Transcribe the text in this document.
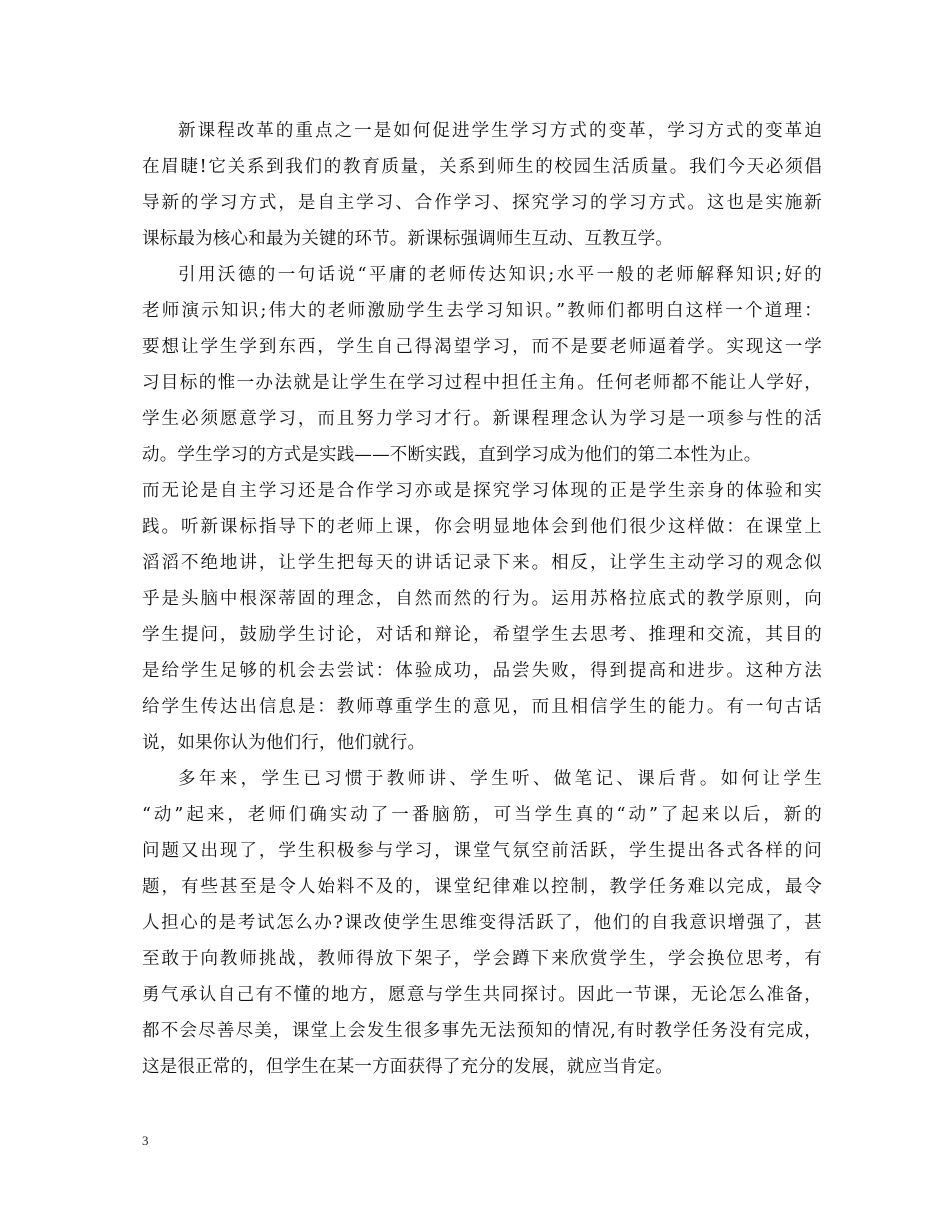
新课程改革的重点之一是如何促进学生学习方式的变革，学习方式的变革迫
在眉睫!它关系到我们的教育质量，关系到师生的校园生活质量。我们今天必须倡
导新的学习方式，是自主学习、合作学习、探究学习的学习方式。这也是实施新
课标最为核心和最为关键的环节。新课标强调师生互动、互教互学。
引用沃德的一句话说“平庸的老师传达知识;水平一般的老师解释知识;好的
老师演示知识;伟大的老师激励学生去学习知识。”教师们都明白这样一个道理：
要想让学生学到东西，学生自己得渴望学习，而不是要老师逼着学。实现这一学
习目标的惟一办法就是让学生在学习过程中担任主角。任何老师都不能让人学好，
学生必须愿意学习，而且努力学习才行。新课程理念认为学习是一项参与性的活
动。学生学习的方式是实践——不断实践，直到学习成为他们的第二本性为止。
而无论是自主学习还是合作学习亦或是探究学习体现的正是学生亲身的体验和实
践。听新课标指导下的老师上课，你会明显地体会到他们很少这样做：在课堂上
滔滔不绝地讲，让学生把每天的讲话记录下来。相反，让学生主动学习的观念似
乎是头脑中根深蒂固的理念，自然而然的行为。运用苏格拉底式的教学原则，向
学生提问，鼓励学生讨论，对话和辩论，希望学生去思考、推理和交流，其目的
是给学生足够的机会去尝试：体验成功，品尝失败，得到提高和进步。这种方法
给学生传达出信息是：教师尊重学生的意见，而且相信学生的能力。有一句古话
说，如果你认为他们行，他们就行。
多年来，学生已习惯于教师讲、学生听、做笔记、课后背。如何让学生
“动”起来，老师们确实动了一番脑筋，可当学生真的“动”了起来以后，新的
问题又出现了，学生积极参与学习，课堂气氛空前活跃，学生提出各式各样的问
题，有些甚至是令人始料不及的，课堂纪律难以控制，教学任务难以完成，最令
人担心的是考试怎么办?课改使学生思维变得活跃了，他们的自我意识增强了，甚
至敢于向教师挑战，教师得放下架子，学会蹲下来欣赏学生，学会换位思考，有
勇气承认自己有不懂的地方，愿意与学生共同探讨。因此一节课，无论怎么准备，
都不会尽善尽美，课堂上会发生很多事先无法预知的情况,有时教学任务没有完成，
这是很正常的，但学生在某一方面获得了充分的发展，就应当肯定。
3
